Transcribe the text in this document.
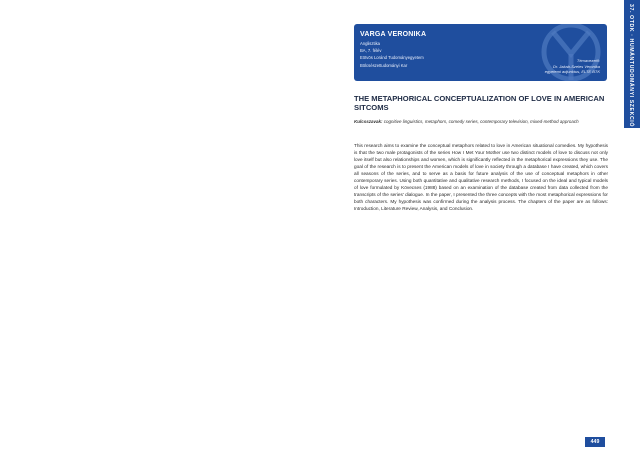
VARGA VERONIKA
Anglisztika
BA, 7. félév
Eötvös Loránd Tudományegyetem
Bölcsészettudományi Kar
Témavezető:
Dr. Jakab-Szeles Veronika
egyetemi adjunktus, ELTE BTK	37. OTDK · HUMÁNTUDOMÁNYI SZEKCIÓ
THE METAPHORICAL CONCEPTUALIZATION OF LOVE IN AMERICAN SITCOMS
Kulcsszavak: cognitive linguistics, metaphors, comedy series, contemporary television, mixed-method approach

This research aims to examine the conceptual metaphors related to love in American situational comedies. My hypothesis is that the two male protagonists of the series How I Met Your Mother use two distinct models of love to discuss not only love itself but also relationships and women, which is significantly reflected in the metaphorical expressions they use. The goal of the research is to present the American models of love in society through a database I have created, which covers all seasons of the series, and to serve as a basis for future analysis of the use of conceptual metaphors in other contemporary series. Using both quantitative and qualitative research methods, I focused on the ideal and typical models of love formulated by Kövecses (1988) based on an examination of the database created from data collected from the transcripts of the series' dialogue. In the paper, I presented the three concepts with the most metaphorical expressions for both characters. My hypothesis was confirmed during the analysis process. The chapters of the paper are as follows: Introduction, Literature Review, Analysis, and Conclusion.

449
